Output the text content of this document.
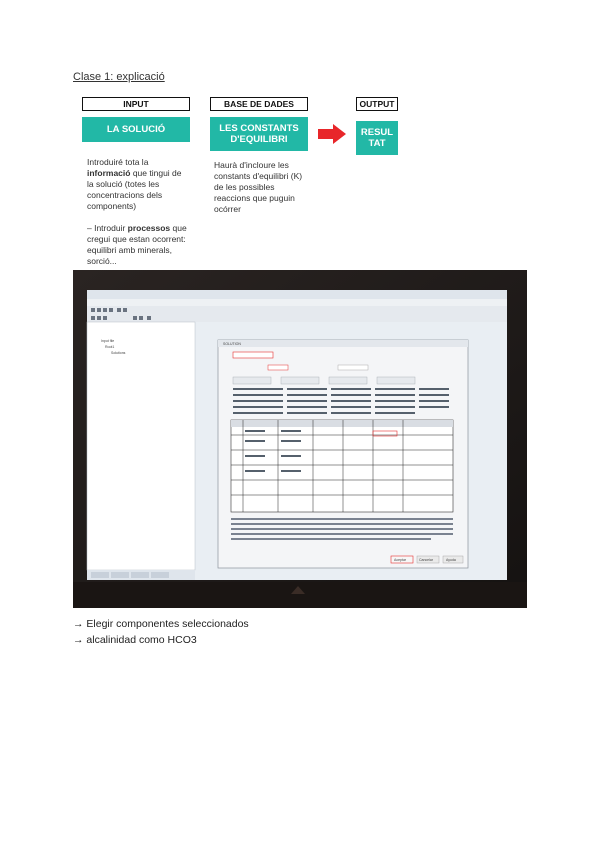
Clase 1: explicació
INPUT
LA SOLUCIÓ
Introduiré tota la informació que tingui de la solució (totes les concentracions dels components)
– Introduir processos que cregui que estan ocorrent: equilibri amb minerals, sorció...
BASE DE DADES
LES CONSTANTS
D'EQUILIBRI
Haurà d'incloure les constants d'equilibri (K) de les possibles reaccions que puguin ocórrer
OUTPUT
RESUL
TAT
Input file
Root1
Solutions
SOLUTION
Aceptar	Cancelar	Ayuda
→ Elegir componentes seleccionados
→ alcalinidad como HCO3
